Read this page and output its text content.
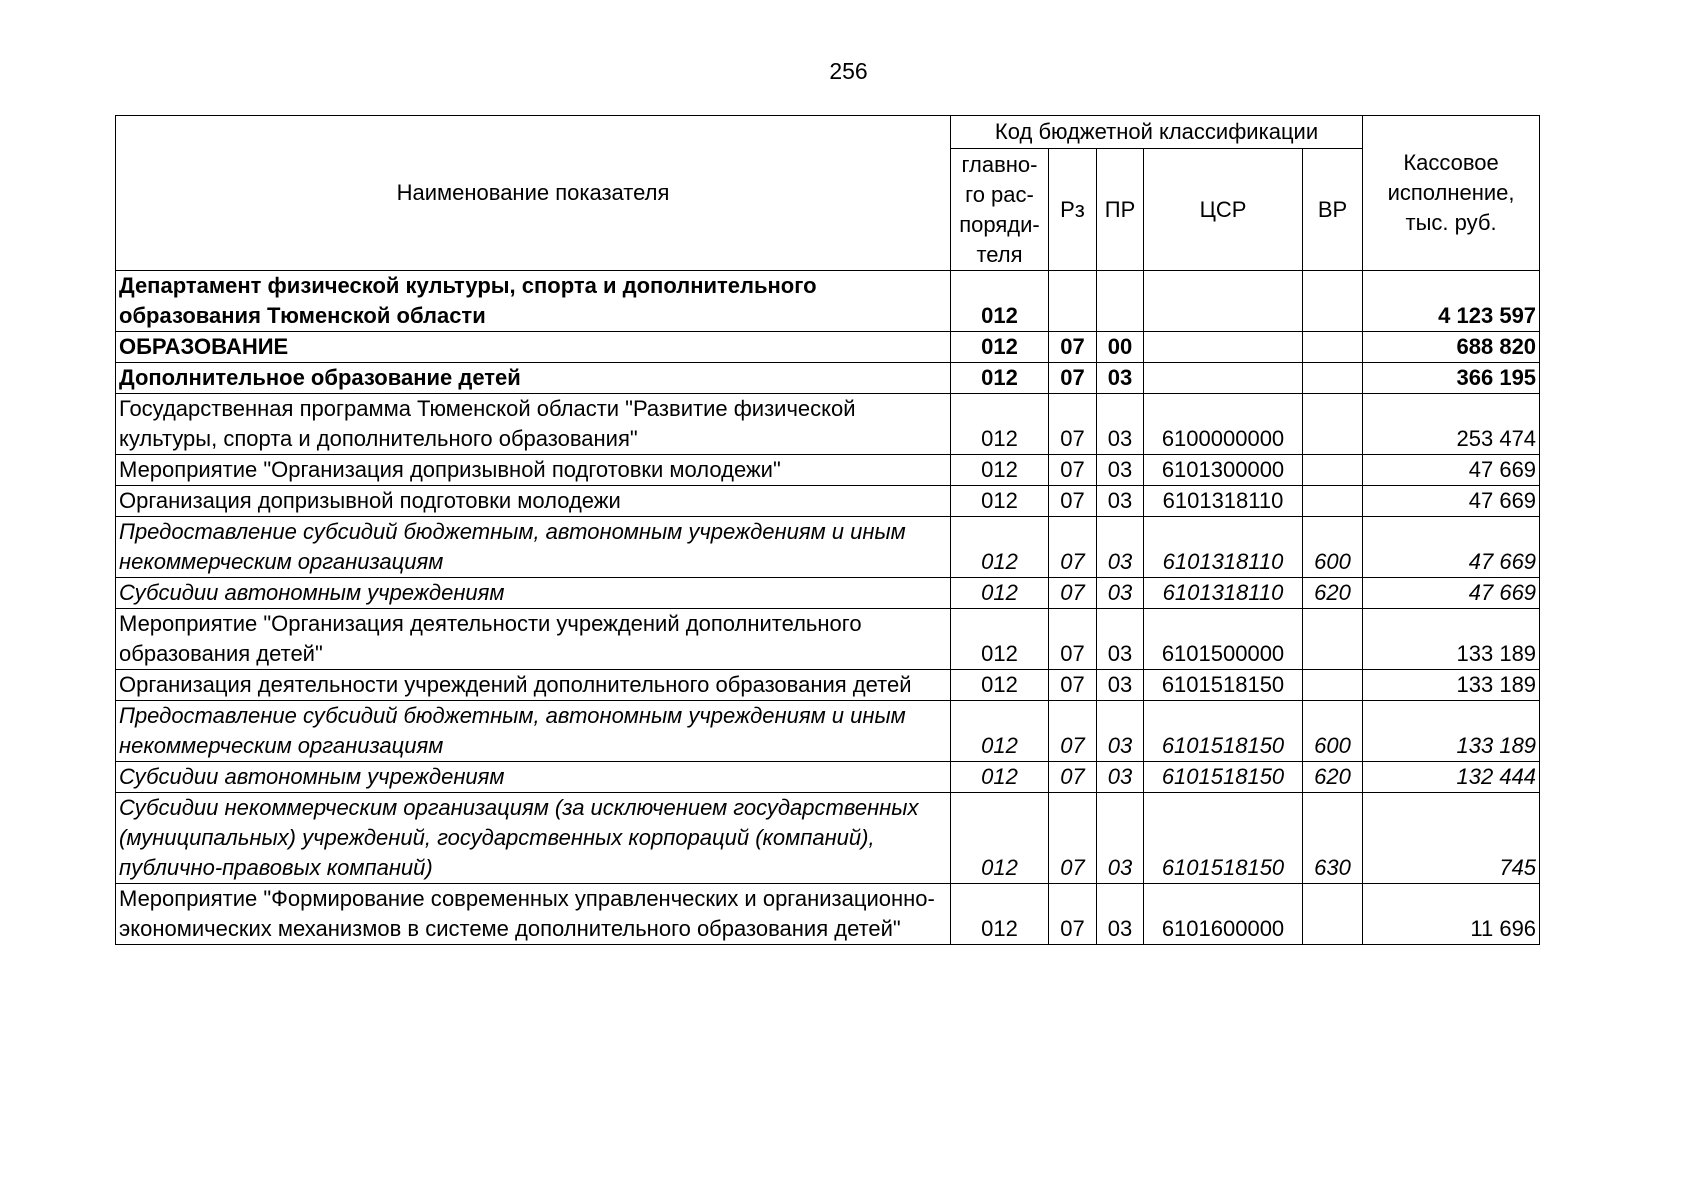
256
Наименование показателя	Код бюджетной классификации					Кассовое
исполнение,
тыс. руб.

	главно-
го рас-
поряди-
теля	Рз	ПР	ЦСР	ВР	
Департамент физической культуры, спорта и дополнительного образования Тюменской области	012					4 123 597
ОБРАЗОВАНИЕ	012	07	00			688 820
Дополнительное образование детей	012	07	03			366 195
Государственная программа Тюменской области "Развитие физической культуры, спорта и дополнительного образования"	012	07	03	6100000000		253 474
Мероприятие "Организация допризывной подготовки молодежи"	012	07	03	6101300000		47 669
Организация допризывной подготовки молодежи	012	07	03	6101318110		47 669
Предоставление субсидий бюджетным, автономным учреждениям и иным некоммерческим организациям	012	07	03	6101318110	600	47 669
Субсидии автономным учреждениям	012	07	03	6101318110	620	47 669
Мероприятие "Организация деятельности учреждений дополнительного образования детей"	012	07	03	6101500000		133 189
Организация деятельности учреждений дополнительного образования детей	012	07	03	6101518150		133 189
Предоставление субсидий бюджетным, автономным учреждениям и иным некоммерческим организациям	012	07	03	6101518150	600	133 189
Субсидии автономным учреждениям	012	07	03	6101518150	620	132 444
Субсидии некоммерческим организациям (за исключением государственных (муниципальных) учреждений, государственных корпораций (компаний), публично-правовых компаний)	012	07	03	6101518150	630	745
Мероприятие "Формирование современных управленческих и организационно-экономических механизмов в системе дополнительного образования детей"	012	07	03	6101600000		11 696
